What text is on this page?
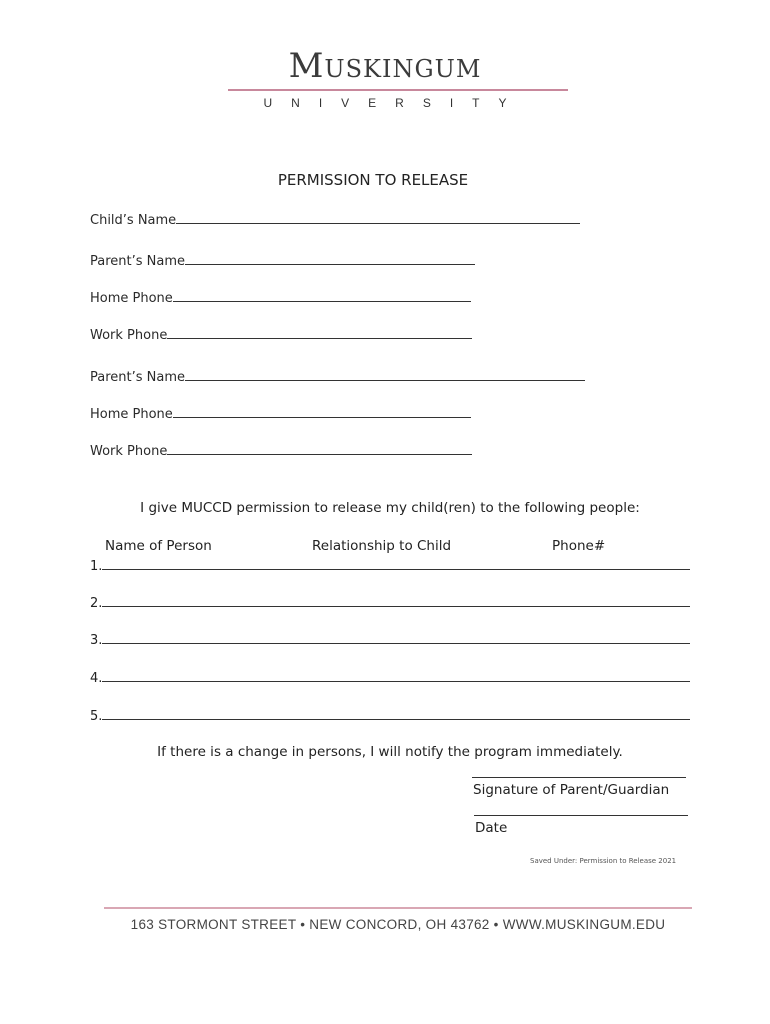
Muskingum
UNIVERSITY
PERMISSION TO RELEASE
Child’s Name
Parent’s Name
Home Phone
Work Phone
Parent’s Name
Home Phone
Work Phone
I give MUCCD permission to release my child(ren) to the following people:
Name of Person	Relationship to Child	Phone#
1.
2.
3.
4.
5.
If there is a change in persons, I will notify the program immediately.
Signature of Parent/Guardian
Date
Saved Under: Permission to Release 2021
163 STORMONT STREET • NEW CONCORD, OH 43762 • WWW.MUSKINGUM.EDU
